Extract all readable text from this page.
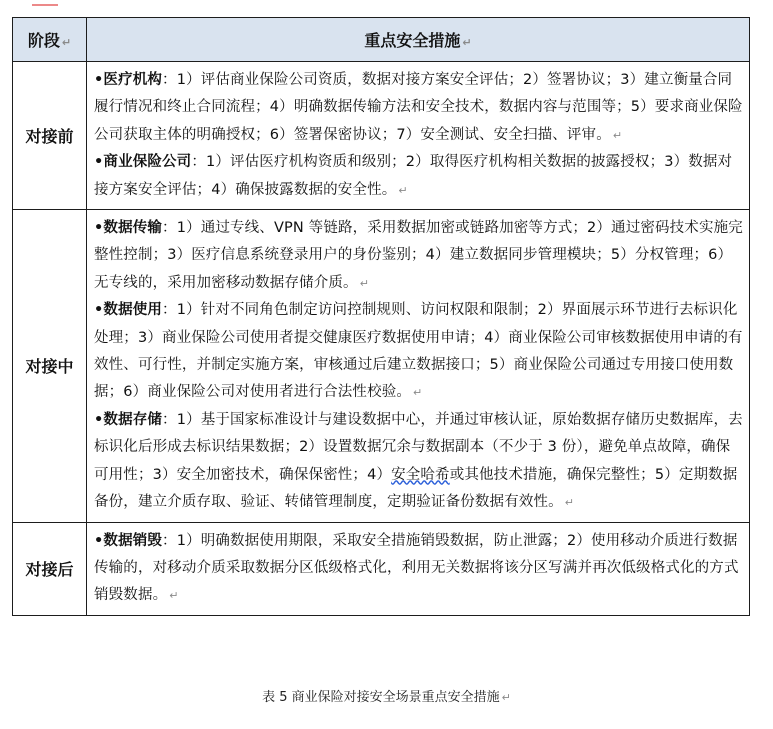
阶段 ↵	重点安全措施 ↵
对接前	•医疗机构：1）评估商业保险公司资质，数据对接方案安全评估；2）签署协议；3）建立衡量合同履行情况和终止合同流程；4）明确数据传输方法和安全技术，数据内容与范围等；5）要求商业保险公司获取主体的明确授权；6）签署保密协议；7）安全测试、安全扫描、评审。 ↵

•商业保险公司：1）评估医疗机构资质和级别；2）取得医疗机构相关数据的披露授权；3）数据对接方案安全评估；4）确保披露数据的安全性。 ↵

对接中	•数据传输：1）通过专线、VPN 等链路，采用数据加密或链路加密等方式；2）通过密码技术实施完整性控制；3）医疗信息系统登录用户的身份鉴别；4）建立数据同步管理模块；5）分权管理；6）无专线的，采用加密移动数据存储介质。 ↵

•数据使用：1）针对不同角色制定访问控制规则、访问权限和限制；2）界面展示环节进行去标识化处理；3）商业保险公司使用者提交健康医疗数据使用申请；4）商业保险公司审核数据使用申请的有效性、可行性，并制定实施方案，审核通过后建立数据接口；5）商业保险公司通过专用接口使用数据；6）商业保险公司对使用者进行合法性校验。 ↵

•数据存储：1）基于国家标准设计与建设数据中心，并通过审核认证，原始数据存储历史数据库，去标识化后形成去标识结果数据；2）设置数据冗余与数据副本（不少于 3 份），避免单点故障，确保可用性；3）安全加密技术，确保保密性；4）安全哈希或其他技术措施，确保完整性；5）定期数据备份，建立介质存取、验证、转储管理制度，定期验证备份数据有效性。 ↵

对接后	•数据销毁：1）明确数据使用期限，采取安全措施销毁数据，防止泄露；2）使用移动介质进行数据传输的，对移动介质采取数据分区低级格式化，利用无关数据将该分区写满并再次低级格式化的方式销毁数据。 ↵

表 5 商业保险对接安全场景重点安全措施 ↵
